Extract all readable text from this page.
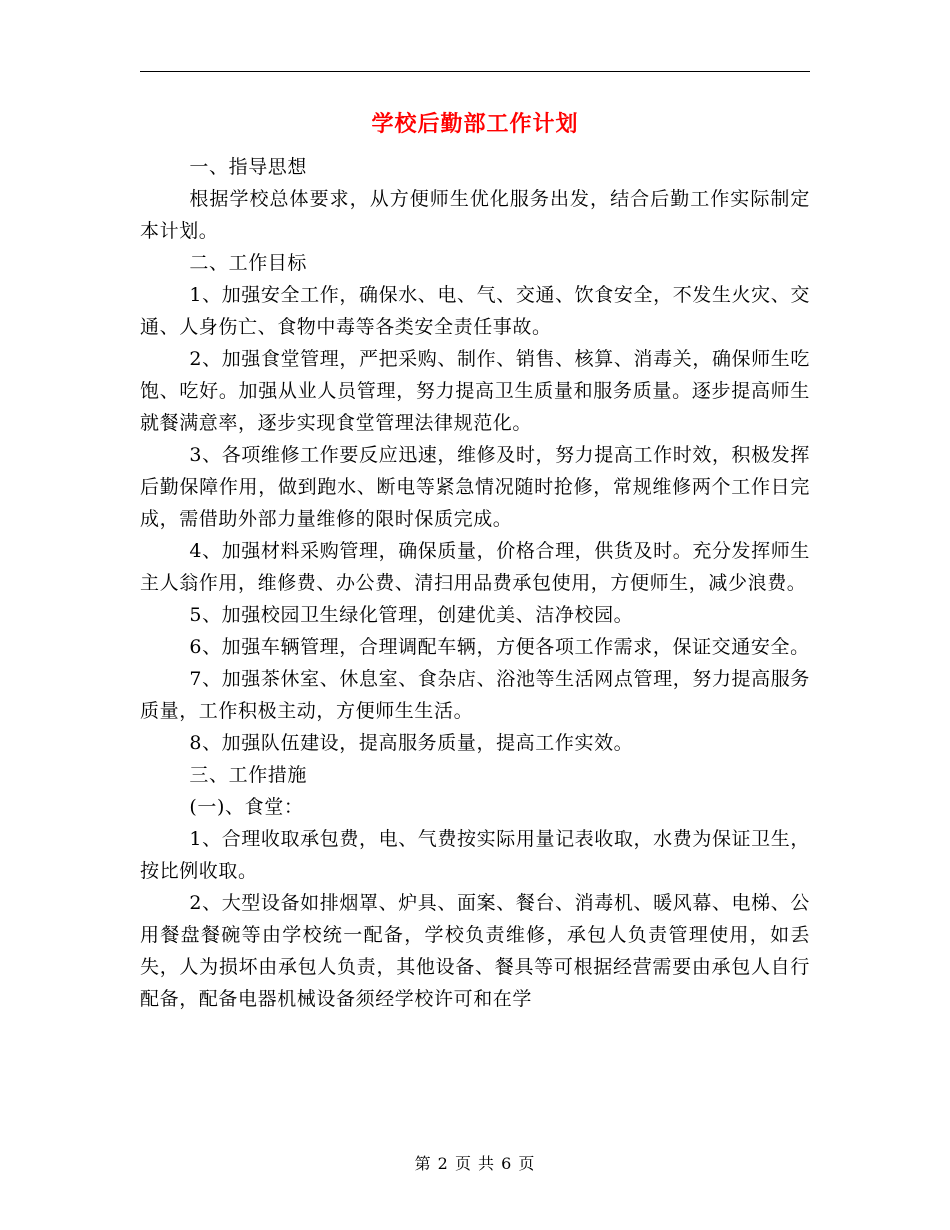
学校后勤部工作计划

一、指导思想

根据学校总体要求，从方便师生优化服务出发，结合后勤工作实际制定本计划。

二、工作目标

1、加强安全工作，确保水、电、气、交通、饮食安全，不发生火灾、交通、人身伤亡、食物中毒等各类安全责任事故。

2、加强食堂管理，严把采购、制作、销售、核算、消毒关，确保师生吃饱、吃好。加强从业人员管理，努力提高卫生质量和服务质量。逐步提高师生就餐满意率，逐步实现食堂管理法律规范化。

3、各项维修工作要反应迅速，维修及时，努力提高工作时效，积极发挥后勤保障作用，做到跑水、断电等紧急情况随时抢修，常规维修两个工作日完成，需借助外部力量维修的限时保质完成。

4、加强材料采购管理，确保质量，价格合理，供货及时。充分发挥师生主人翁作用，维修费、办公费、清扫用品费承包使用，方便师生，减少浪费。

5、加强校园卫生绿化管理，创建优美、洁净校园。

6、加强车辆管理，合理调配车辆，方便各项工作需求，保证交通安全。

7、加强茶休室、休息室、食杂店、浴池等生活网点管理，努力提高服务质量，工作积极主动，方便师生生活。

8、加强队伍建设，提高服务质量，提高工作实效。

三、工作措施

(一)、食堂：

1、合理收取承包费，电、气费按实际用量记表收取，水费为保证卫生，按比例收取。

2、大型设备如排烟罩、炉具、面案、餐台、消毒机、暖风幕、电梯、公用餐盘餐碗等由学校统一配备，学校负责维修，承包人负责管理使用，如丢失，人为损坏由承包人负责，其他设备、餐具等可根据经营需要由承包人自行配备，配备电器机械设备须经学校许可和在学

第 2 页 共 6 页
